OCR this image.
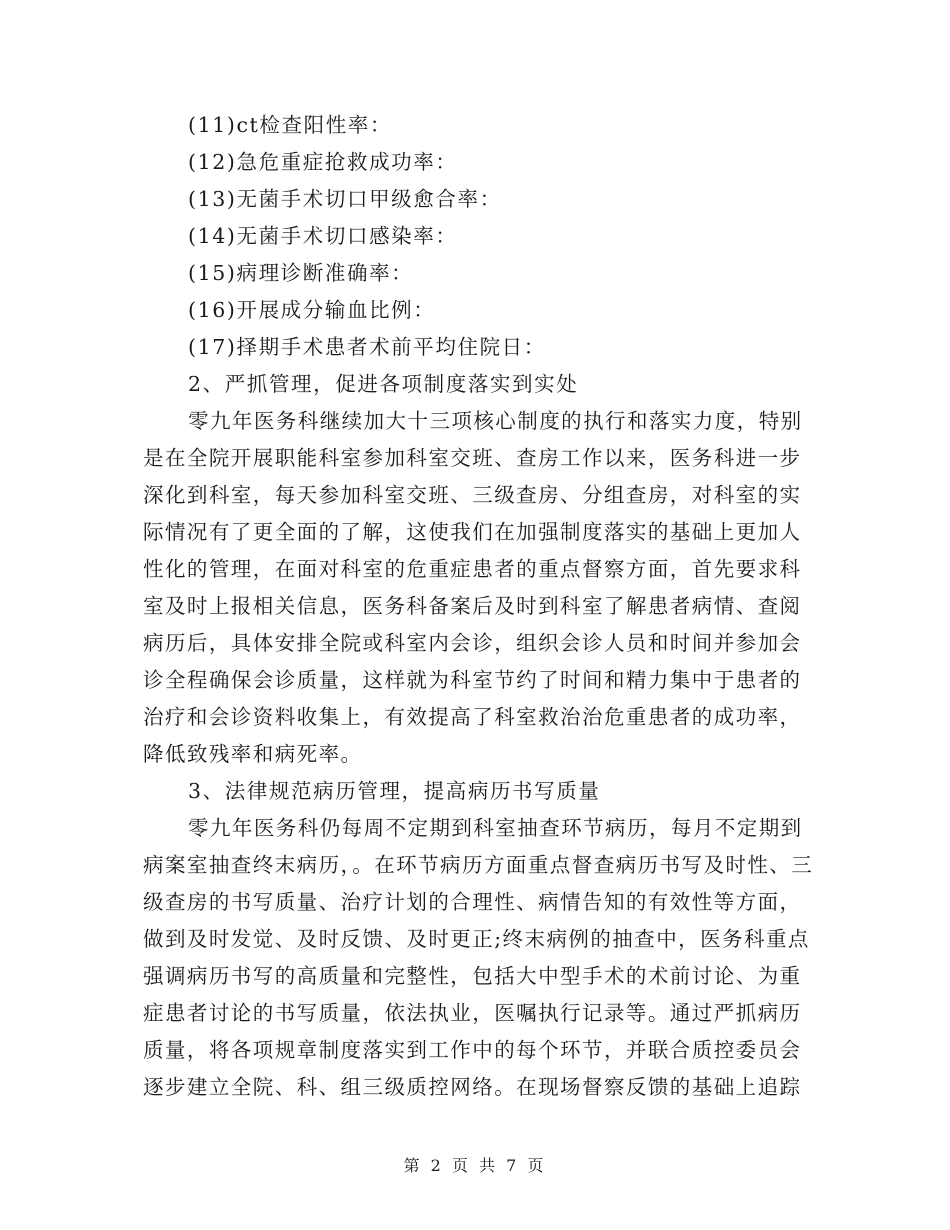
(11)ct检查阳性率：

(12)急危重症抢救成功率：

(13)无菌手术切口甲级愈合率：

(14)无菌手术切口感染率：

(15)病理诊断准确率：

(16)开展成分输血比例：

(17)择期手术患者术前平均住院日：

2、严抓管理，促进各项制度落实到实处

零九年医务科继续加大十三项核心制度的执行和落实力度，特别是在全院开展职能科室参加科室交班、查房工作以来，医务科进一步深化到科室，每天参加科室交班、三级查房、分组查房，对科室的实际情况有了更全面的了解，这使我们在加强制度落实的基础上更加人性化的管理，在面对科室的危重症患者的重点督察方面，首先要求科室及时上报相关信息，医务科备案后及时到科室了解患者病情、查阅病历后，具体安排全院或科室内会诊，组织会诊人员和时间并参加会诊全程确保会诊质量，这样就为科室节约了时间和精力集中于患者的治疗和会诊资料收集上，有效提高了科室救治治危重患者的成功率，降低致残率和病死率。

3、法律规范病历管理，提高病历书写质量

零九年医务科仍每周不定期到科室抽查环节病历，每月不定期到病案室抽查终末病历，。在环节病历方面重点督查病历书写及时性、三级查房的书写质量、治疗计划的合理性、病情告知的有效性等方面，做到及时发觉、及时反馈、及时更正;终末病例的抽查中，医务科重点强调病历书写的高质量和完整性，包括大中型手术的术前讨论、为重症患者讨论的书写质量，依法执业，医嘱执行记录等。通过严抓病历质量，将各项规章制度落实到工作中的每个环节，并联合质控委员会逐步建立全院、科、组三级质控网络。在现场督察反馈的基础上追踪

第 2 页 共 7 页
